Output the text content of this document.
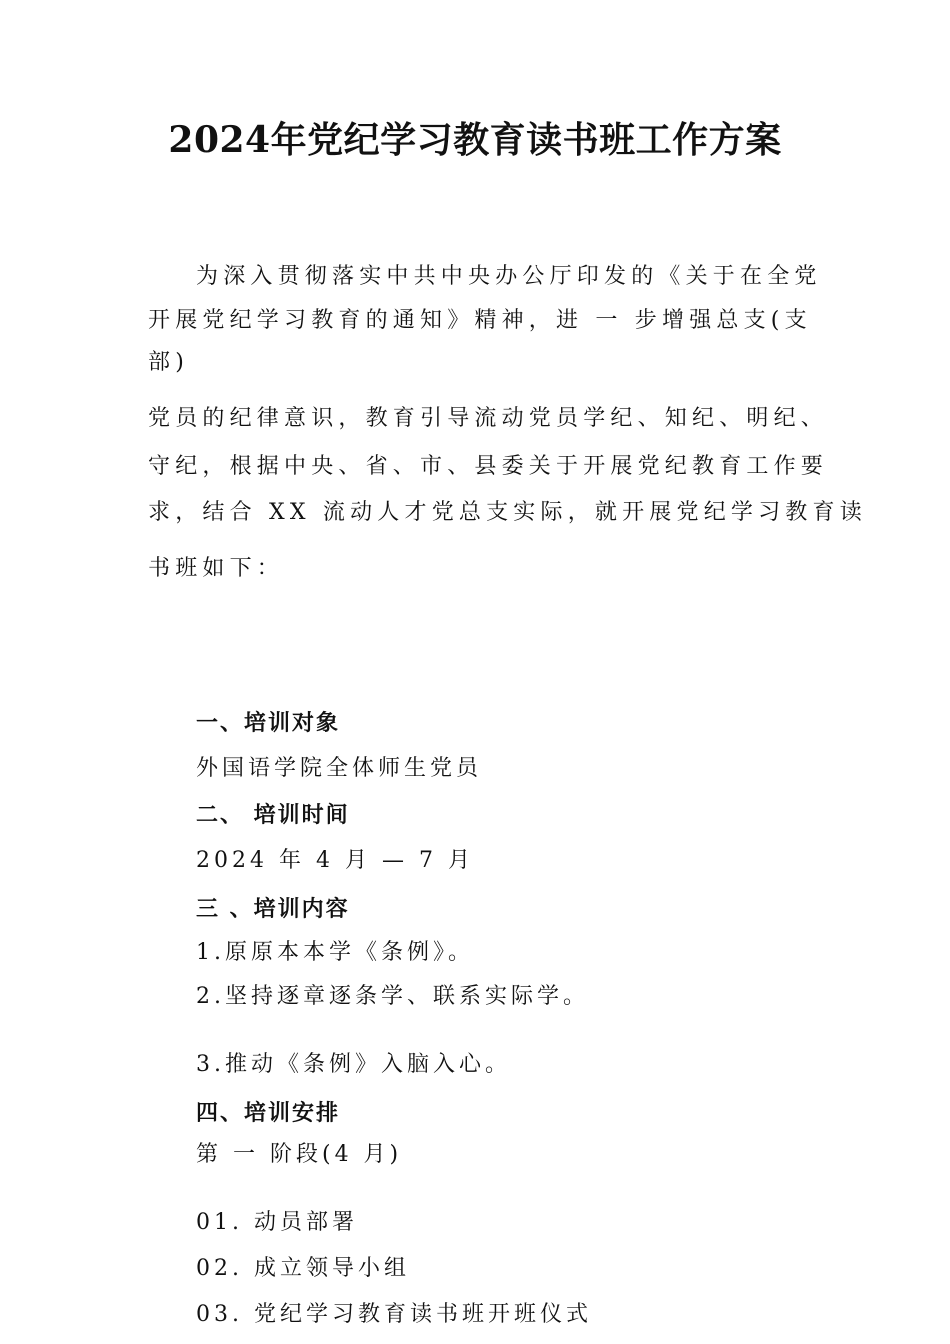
2024年党纪学习教育读书班工作方案

为深入贯彻落实中共中央办公厅印发的《关于在全党

开展党纪学习教育的通知》精神，进 一 步增强总支(支

部)

党员的纪律意识，教育引导流动党员学纪、知纪、明纪、

守纪，根据中央、省、市、县委关于开展党纪教育工作要

求，结合 XX 流动人才党总支实际，就开展党纪学习教育读

书班如下：

一、培训对象

外国语学院全体师生党员

二、 培训时间

2024 年 4 月 — 7 月

三 、培训内容

1.原原本本学《条例》。

2.坚持逐章逐条学、联系实际学。

3.推动《条例》入脑入心。

四、培训安排

第 一 阶段(4 月)

01. 动员部署

02. 成立领导小组

03. 党纪学习教育读书班开班仪式
